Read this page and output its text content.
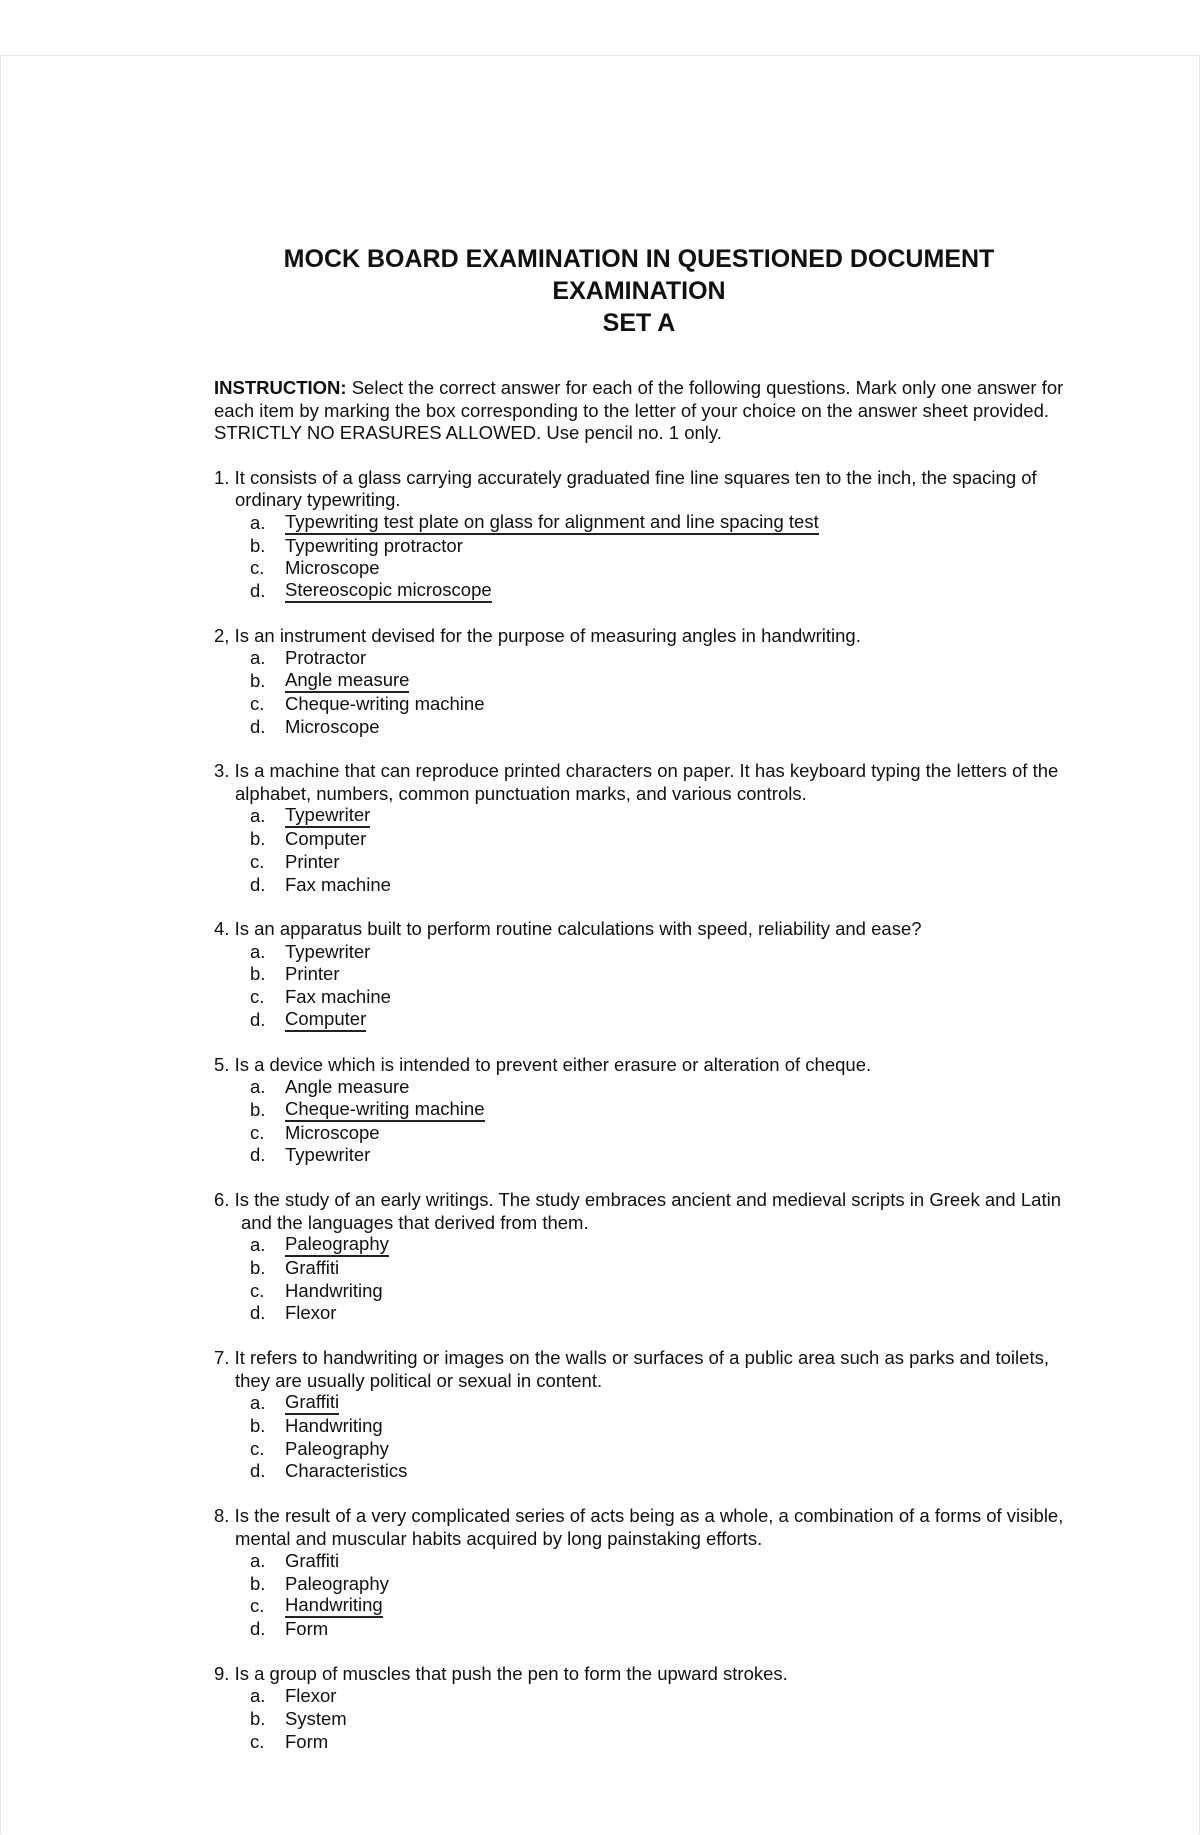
MOCK BOARD EXAMINATION IN QUESTIONED DOCUMENT
EXAMINATION
SET A

INSTRUCTION: Select the correct answer for each of the following questions. Mark only one answer for each item by marking the box corresponding to the letter of your choice on the answer sheet provided. STRICTLY NO ERASURES ALLOWED. Use pencil no. 1 only.

1. It consists of a glass carrying accurately graduated fine line squares ten to the inch, the spacing of ordinary typewriting.
a.	Typewriting test plate on glass for alignment and line spacing test
b.	Typewriting protractor
c.	Microscope
d.	Stereoscopic microscope
2, Is an instrument devised for the purpose of measuring angles in handwriting.
a.	Protractor
b.	Angle measure
c.	Cheque-writing machine
d.	Microscope
3. Is a machine that can reproduce printed characters on paper. It has keyboard typing the letters of the alphabet, numbers, common punctuation marks, and various controls.
a.	Typewriter
b.	Computer
c.	Printer
d.	Fax machine
4. Is an apparatus built to perform routine calculations with speed, reliability and ease?
a.	Typewriter
b.	Printer
c.	Fax machine
d.	Computer
5. Is a device which is intended to prevent either erasure or alteration of cheque.
a.	Angle measure
b.	Cheque-writing machine
c.	Microscope
d.	Typewriter
6. Is the study of an early writings. The study embraces ancient and medieval scripts in Greek and Latin and the languages that derived from them.
a.	Paleography
b.	Graffiti
c.	Handwriting
d.	Flexor
7. It refers to handwriting or images on the walls or surfaces of a public area such as parks and toilets, they are usually political or sexual in content.
a.	Graffiti
b.	Handwriting
c.	Paleography
d.	Characteristics
8. Is the result of a very complicated series of acts being as a whole, a combination of a forms of visible, mental and muscular habits acquired by long painstaking efforts.
a.	Graffiti
b.	Paleography
c.	Handwriting
d.	Form
9. Is a group of muscles that push the pen to form the upward strokes.
a.	Flexor
b.	System
c.	Form
